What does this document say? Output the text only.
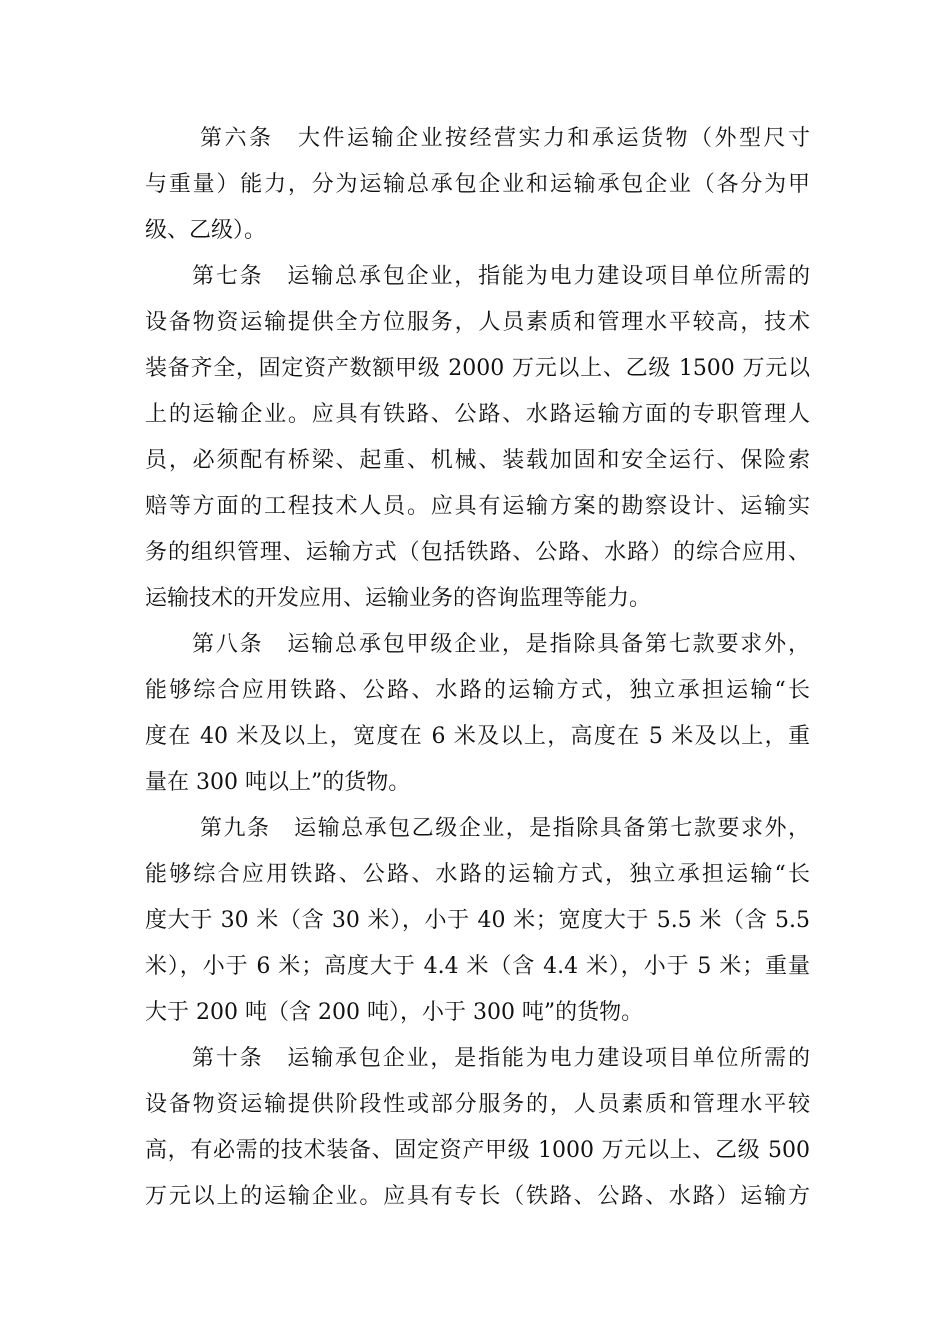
第六条　大件运输企业按经营实力和承运货物（外型尺寸
与重量）能力，分为运输总承包企业和运输承包企业（各分为甲
级、乙级）。
第七条　运输总承包企业，指能为电力建设项目单位所需的
设备物资运输提供全方位服务，人员素质和管理水平较高，技术
装备齐全，固定资产数额甲级 2000 万元以上、乙级 1500 万元以
上的运输企业。应具有铁路、公路、水路运输方面的专职管理人
员，必须配有桥梁、起重、机械、装载加固和安全运行、保险索
赔等方面的工程技术人员。应具有运输方案的勘察设计、运输实
务的组织管理、运输方式（包括铁路、公路、水路）的综合应用、
运输技术的开发应用、运输业务的咨询监理等能力。
第八条　运输总承包甲级企业，是指除具备第七款要求外，
能够综合应用铁路、公路、水路的运输方式，独立承担运输“长
度在 40 米及以上，宽度在 6 米及以上，高度在 5 米及以上，重
量在 300 吨以上”的货物。
第九条　运输总承包乙级企业，是指除具备第七款要求外，
能够综合应用铁路、公路、水路的运输方式，独立承担运输“长
度大于 30 米（含 30 米），小于 40 米；宽度大于 5.5 米（含 5.5
米），小于 6 米；高度大于 4.4 米（含 4.4 米），小于 5 米；重量
大于 200 吨（含 200 吨），小于 300 吨”的货物。
第十条　运输承包企业，是指能为电力建设项目单位所需的
设备物资运输提供阶段性或部分服务的，人员素质和管理水平较
高，有必需的技术装备、固定资产甲级 1000 万元以上、乙级 500
万元以上的运输企业。应具有专长（铁路、公路、水路）运输方
